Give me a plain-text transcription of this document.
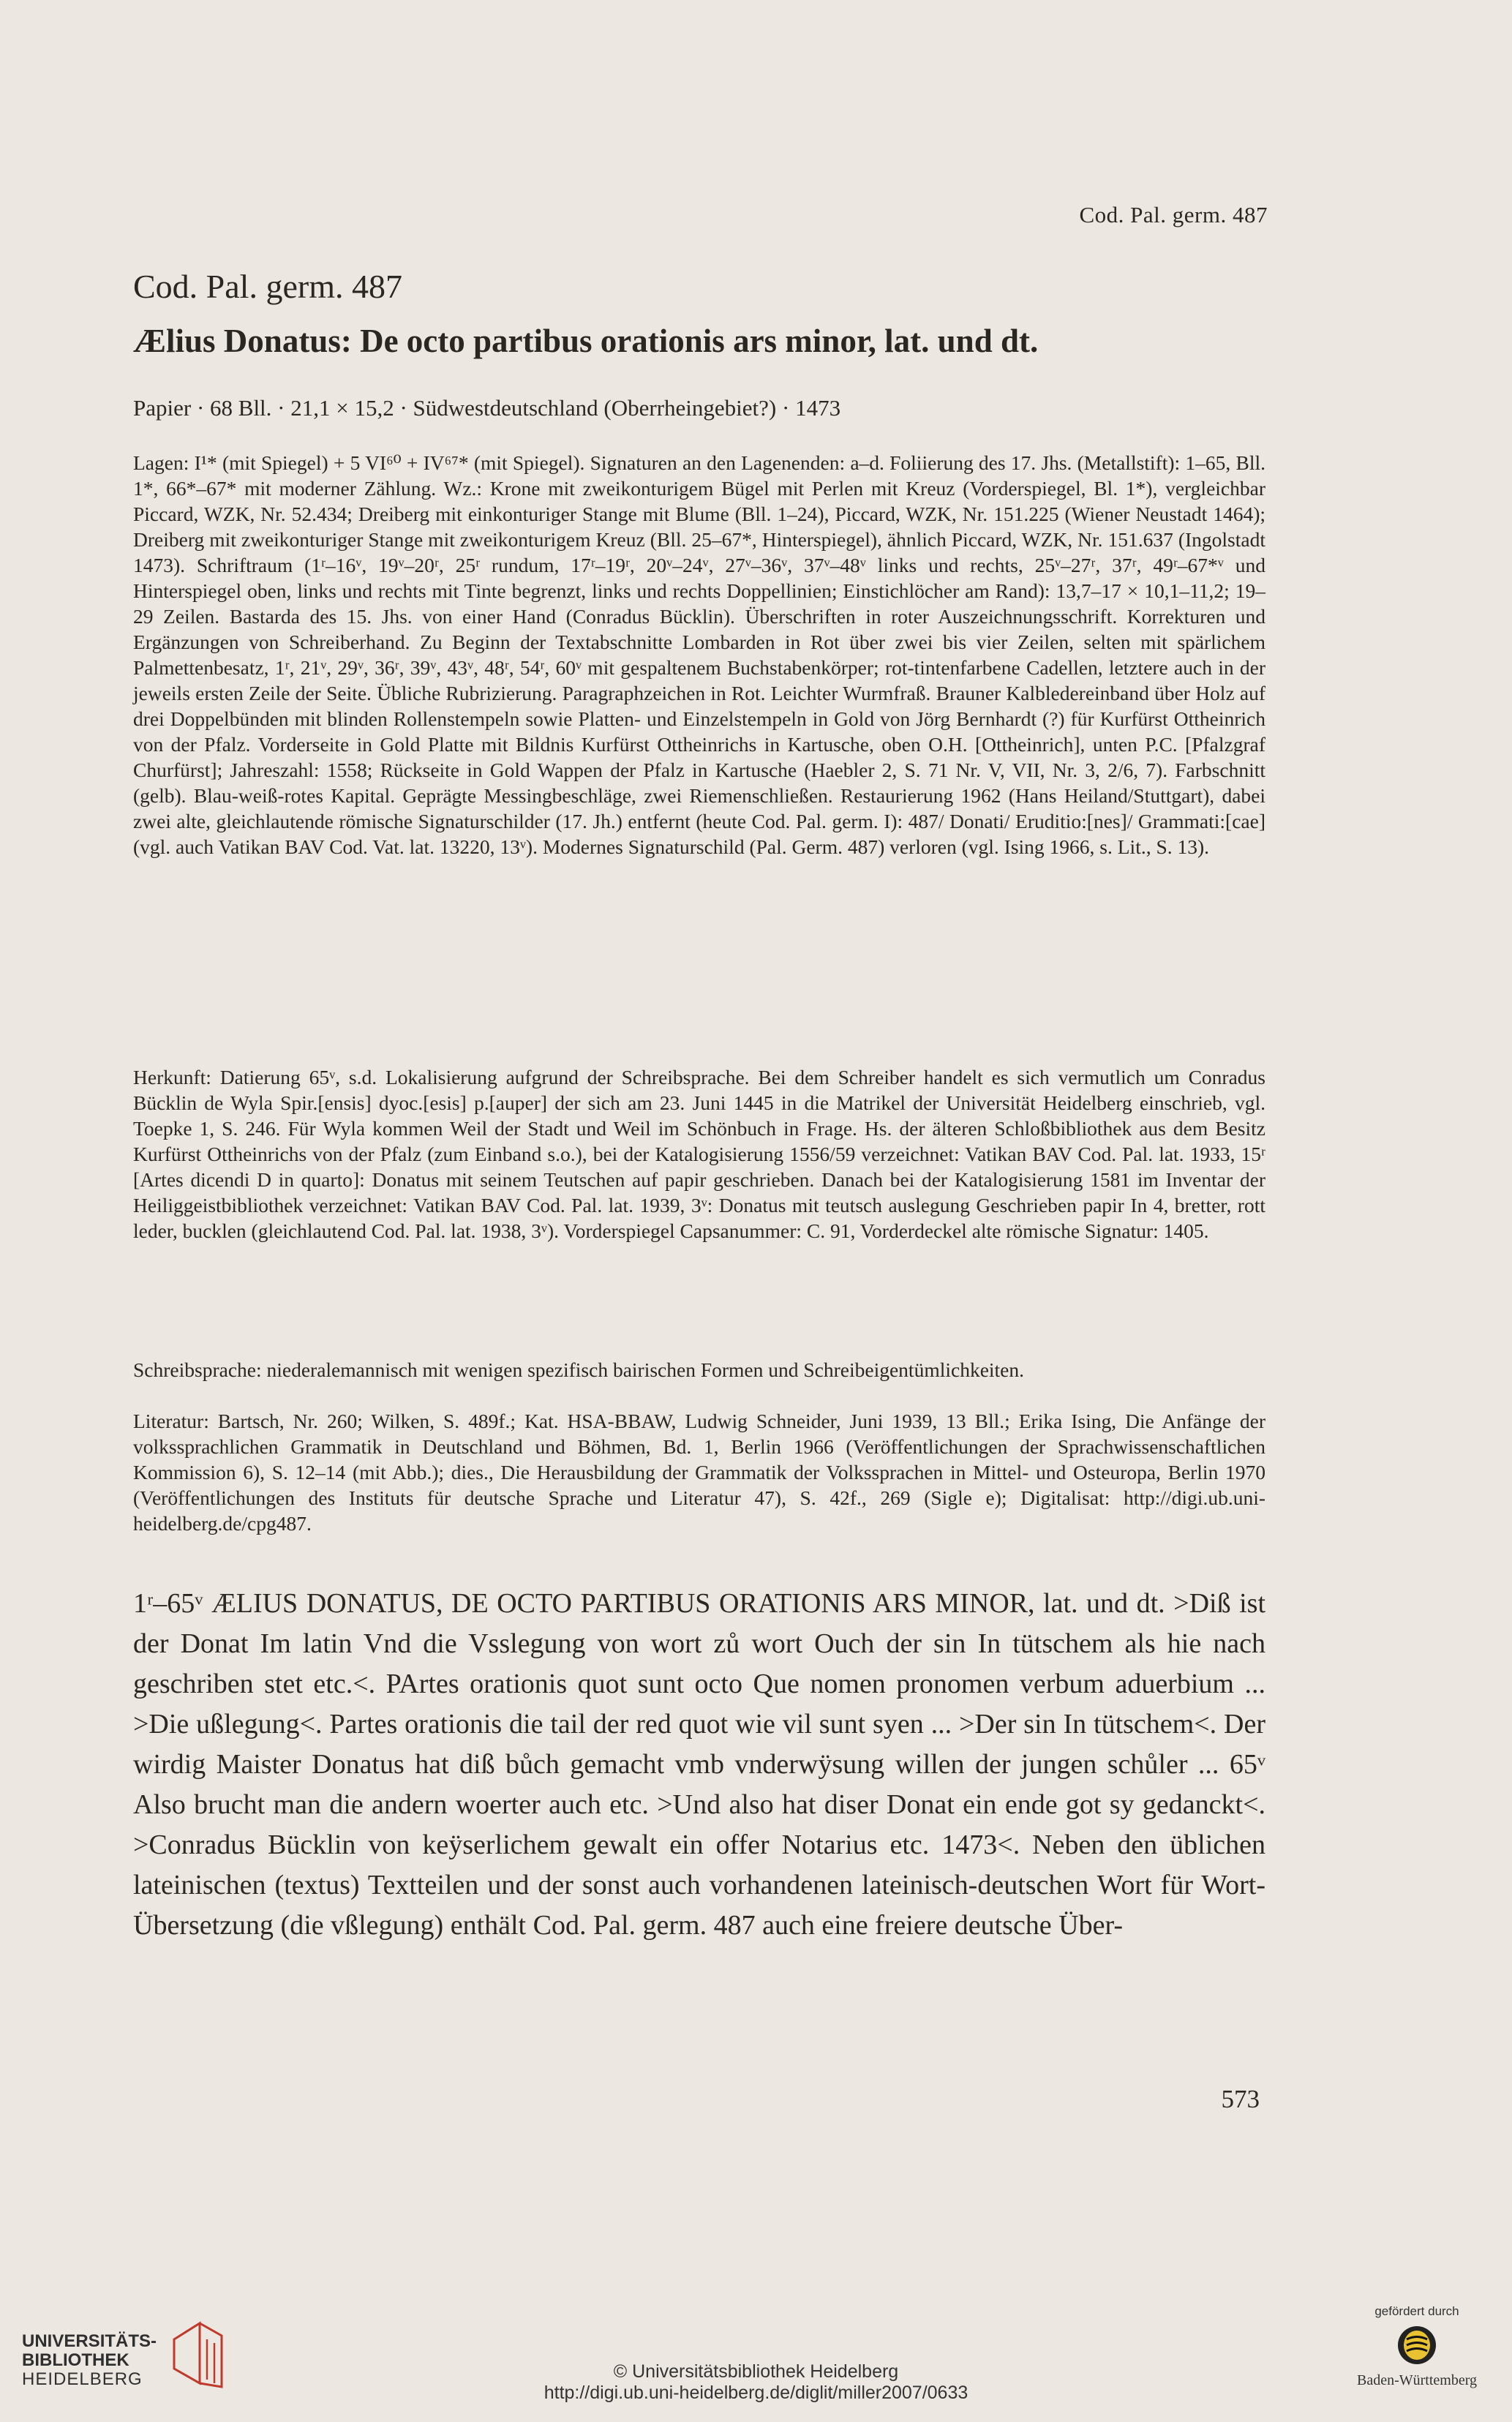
Cod. Pal. germ. 487
Cod. Pal. germ. 487
Ælius Donatus: De octo partibus orationis ars minor, lat. und dt.
Papier · 68 Bll. · 21,1 × 15,2 · Südwestdeutschland (Oberrheingebiet?) · 1473

Lagen: I¹* (mit Spiegel) + 5 VI⁶⁰ + IV⁶⁷* (mit Spiegel). Signaturen an den Lagenenden: a–d. Foliierung des 17. Jhs. (Metallstift): 1–65, Bll. 1*, 66*–67* mit moderner Zählung. Wz.: Krone mit zweikonturigem Bügel mit Perlen mit Kreuz (Vorderspiegel, Bl. 1*), vergleichbar Piccard, WZK, Nr. 52.434; Dreiberg mit einkonturiger Stange mit Blume (Bll. 1–24), Piccard, WZK, Nr. 151.225 (Wiener Neustadt 1464); Dreiberg mit zweikonturiger Stange mit zweikonturigem Kreuz (Bll. 25–67*, Hinterspiegel), ähnlich Piccard, WZK, Nr. 151.637 (Ingolstadt 1473). Schriftraum (1ʳ–16ᵛ, 19ᵛ–20ʳ, 25ʳ rundum, 17ʳ–19ʳ, 20ᵛ–24ᵛ, 27ᵛ–36ᵛ, 37ᵛ–48ᵛ links und rechts, 25ᵛ–27ʳ, 37ʳ, 49ʳ–67*ᵛ und Hinterspiegel oben, links und rechts mit Tinte begrenzt, links und rechts Doppellinien; Einstichlöcher am Rand): 13,7–17 × 10,1–11,2; 19–29 Zeilen. Bastarda des 15. Jhs. von einer Hand (Conradus Bücklin). Überschriften in roter Auszeichnungsschrift. Korrekturen und Ergänzungen von Schreiberhand. Zu Beginn der Textabschnitte Lombarden in Rot über zwei bis vier Zeilen, selten mit spärlichem Palmettenbesatz, 1ʳ, 21ᵛ, 29ᵛ, 36ʳ, 39ᵛ, 43ᵛ, 48ʳ, 54ʳ, 60ᵛ mit gespaltenem Buchstabenkörper; rot-tintenfarbene Cadellen, letztere auch in der jeweils ersten Zeile der Seite. Übliche Rubrizierung. Paragraphzeichen in Rot. Leichter Wurmfraß. Brauner Kalbledereinband über Holz auf drei Doppelbünden mit blinden Rollenstempeln sowie Platten- und Einzelstempeln in Gold von Jörg Bernhardt (?) für Kurfürst Ottheinrich von der Pfalz. Vorderseite in Gold Platte mit Bildnis Kurfürst Ottheinrichs in Kartusche, oben O.H. [Ottheinrich], unten P.C. [Pfalzgraf Churfürst]; Jahreszahl: 1558; Rückseite in Gold Wappen der Pfalz in Kartusche (Haebler 2, S. 71 Nr. V, VII, Nr. 3, 2/6, 7). Farbschnitt (gelb). Blau-weiß-rotes Kapital. Geprägte Messingbeschläge, zwei Riemenschließen. Restaurierung 1962 (Hans Heiland/Stuttgart), dabei zwei alte, gleichlautende römische Signaturschilder (17. Jh.) entfernt (heute Cod. Pal. germ. I): 487/ Donati/ Eruditio:[nes]/ Grammati:[cae] (vgl. auch Vatikan BAV Cod. Vat. lat. 13220, 13ᵛ). Modernes Signaturschild (Pal. Germ. 487) verloren (vgl. Ising 1966, s. Lit., S. 13).

Herkunft: Datierung 65ᵛ, s.d. Lokalisierung aufgrund der Schreibsprache. Bei dem Schreiber handelt es sich vermutlich um Conradus Bücklin de Wyla Spir.[ensis] dyoc.[esis] p.[auper] der sich am 23. Juni 1445 in die Matrikel der Universität Heidelberg einschrieb, vgl. Toepke 1, S. 246. Für Wyla kommen Weil der Stadt und Weil im Schönbuch in Frage. Hs. der älteren Schloßbibliothek aus dem Besitz Kurfürst Ottheinrichs von der Pfalz (zum Einband s.o.), bei der Katalogisierung 1556/59 verzeichnet: Vatikan BAV Cod. Pal. lat. 1933, 15ʳ [Artes dicendi D in quarto]: Donatus mit seinem Teutschen auf papir geschrieben. Danach bei der Katalogisierung 1581 im Inventar der Heiliggeistbibliothek verzeichnet: Vatikan BAV Cod. Pal. lat. 1939, 3ᵛ: Donatus mit teutsch auslegung Geschrieben papir In 4, bretter, rott leder, bucklen (gleichlautend Cod. Pal. lat. 1938, 3ᵛ). Vorderspiegel Capsanummer: C. 91, Vorderdeckel alte römische Signatur: 1405.

Schreibsprache: niederalemannisch mit wenigen spezifisch bairischen Formen und Schreibeigentümlichkeiten.

Literatur: Bartsch, Nr. 260; Wilken, S. 489f.; Kat. HSA-BBAW, Ludwig Schneider, Juni 1939, 13 Bll.; Erika Ising, Die Anfänge der volkssprachlichen Grammatik in Deutschland und Böhmen, Bd. 1, Berlin 1966 (Veröffentlichungen der Sprachwissenschaftlichen Kommission 6), S. 12–14 (mit Abb.); dies., Die Herausbildung der Grammatik der Volkssprachen in Mittel- und Osteuropa, Berlin 1970 (Veröffentlichungen des Instituts für deutsche Sprache und Literatur 47), S. 42f., 269 (Sigle e); Digitalisat: http://digi.ub.uni-heidelberg.de/cpg487.

1ʳ–65ᵛ ÆLIUS DONATUS, DE OCTO PARTIBUS ORATIONIS ARS MINOR, lat. und dt. >Diß ist der Donat Im latin Vnd die Vsslegung von wort zů wort Ouch der sin In tütschem als hie nach geschriben stet etc.<. PArtes orationis quot sunt octo Que nomen pronomen verbum aduerbium ... >Die ußlegung<. Partes orationis die tail der red quot wie vil sunt syen ... >Der sin In tütschem<. Der wirdig Maister Donatus hat diß bůch gemacht vmb vnderwÿsung willen der jungen schůler ... 65ᵛ Also brucht man die andern woerter auch etc. >Und also hat diser Donat ein ende got sy gedanckt<. >Conradus Bücklin von keÿserlichem gewalt ein offer Notarius etc. 1473<. Neben den üblichen lateinischen (textus) Textteilen und der sonst auch vorhandenen lateinisch-deutschen Wort für Wort-Übersetzung (die vßlegung) enthält Cod. Pal. germ. 487 auch eine freiere deutsche Über-

573
UNIVERSITÄTS-
BIBLIOTHEK
HEIDELBERG	© Universitätsbibliothek Heidelberg
http://digi.ub.uni-heidelberg.de/diglit/miller2007/0633
gefördert durch
Baden-Württemberg
